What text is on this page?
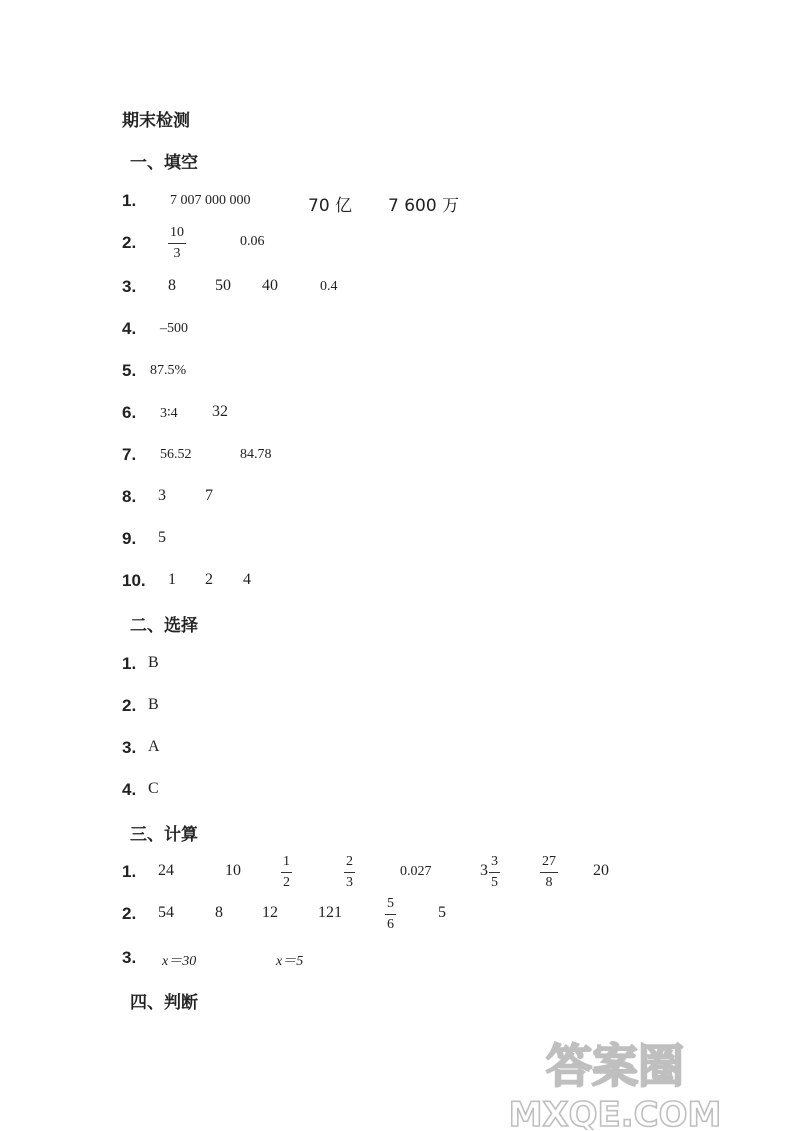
期末检测
一、填空
1. 7 007 000 000	70 亿 7 600 万
2. $\frac{10}{3}$	0.06
3. 8 50 40	0.4
4. –500
5. 87.5%
6. 3∶4 32
7. 56.52	84.78
8. 3 7
9. 5
10. 1 2 4
二、选择
1. B
2. B
3. A
4. C
三、计算
1. 24	10	$\frac{1}{2}$	$\frac{2}{3}$	0.027	$3 \frac{3}{5}$	$\frac{27}{8} 20$
2. 54	8 12	121	$\frac{5}{6}$	5
3. x＝30	x＝5
四、判断
答案圈
MXQE.COM
